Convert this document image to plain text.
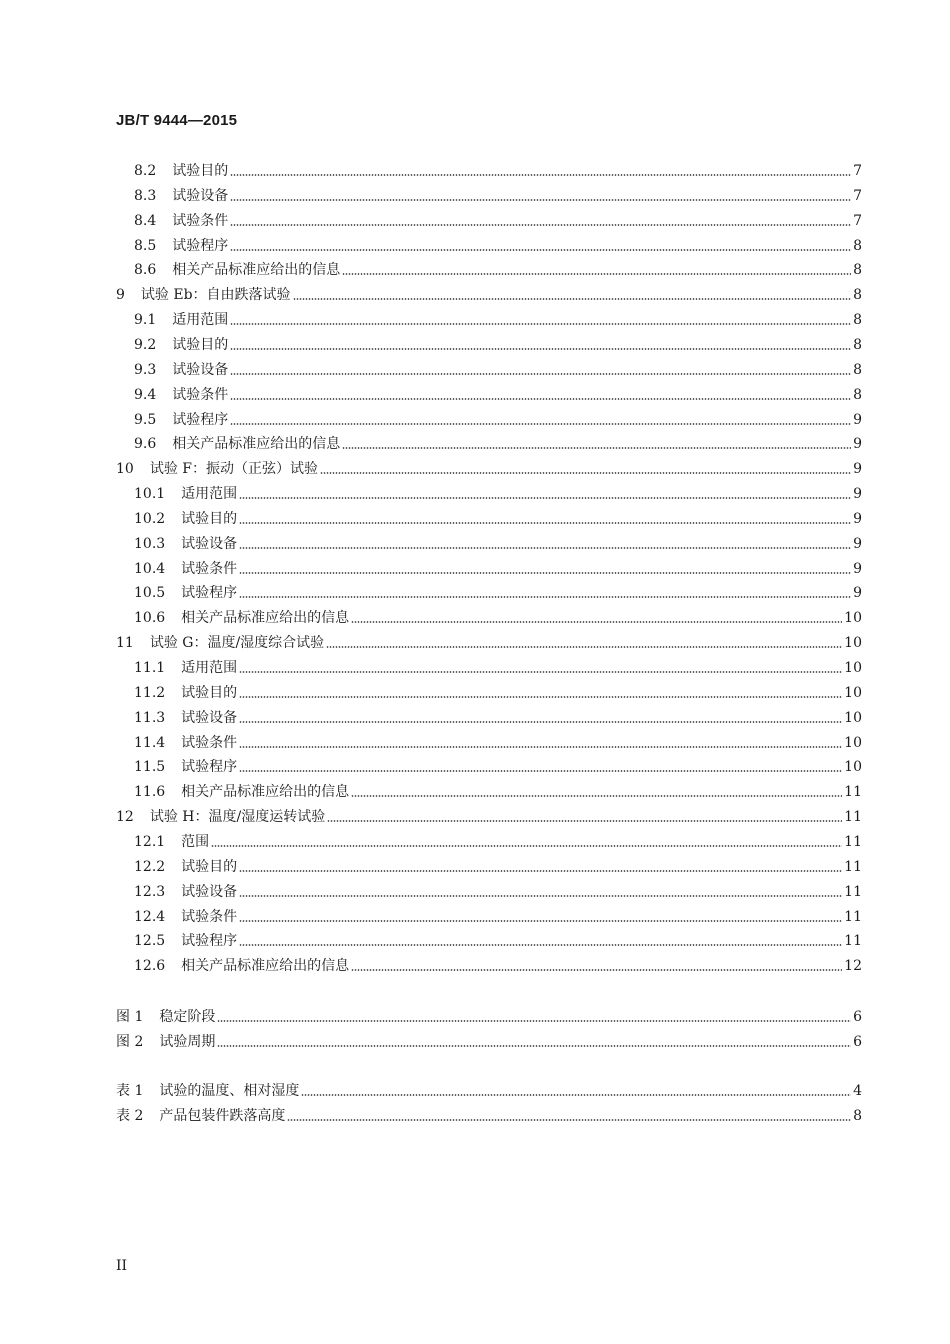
JB/T 9444—2015
8.2	试验目的	7
8.3	试验设备	7
8.4	试验条件	7
8.5	试验程序	8
8.6	相关产品标准应给出的信息	8
9	试验 Eb：自由跌落试验	8
9.1	适用范围	8
9.2	试验目的	8
9.3	试验设备	8
9.4	试验条件	8
9.5	试验程序	9
9.6	相关产品标准应给出的信息	9
10	试验 F：振动（正弦）试验	9
10.1	适用范围	9
10.2	试验目的	9
10.3	试验设备	9
10.4	试验条件	9
10.5	试验程序	9
10.6	相关产品标准应给出的信息	10
11	试验 G：温度/湿度综合试验	10
11.1	适用范围	10
11.2	试验目的	10
11.3	试验设备	10
11.4	试验条件	10
11.5	试验程序	10
11.6	相关产品标准应给出的信息	11
12	试验 H：温度/湿度运转试验	11
12.1	范围	11
12.2	试验目的	11
12.3	试验设备	11
12.4	试验条件	11
12.5	试验程序	11
12.6	相关产品标准应给出的信息	12
图 1	稳定阶段	6
图 2	试验周期	6
表 1	试验的温度、相对湿度	4
表 2	产品包装件跌落高度	8
II
